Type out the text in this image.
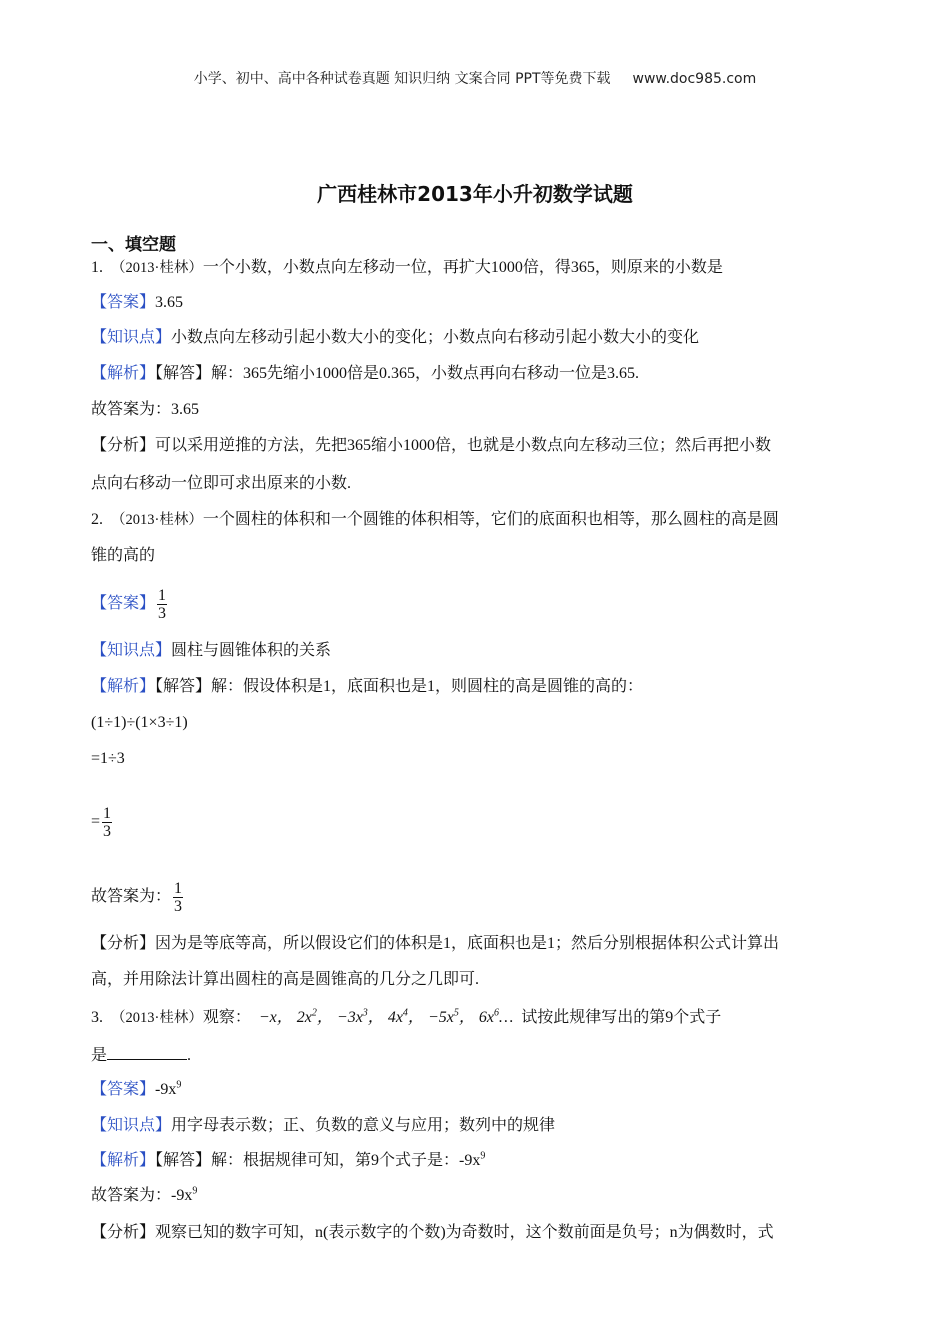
小学、初中、高中各种试卷真题 知识归纳 文案合同 PPT等免费下载 www.doc985.com
广西桂林市2013年小升初数学试题
一、填空题
1. （2013·桂林）一个小数，小数点向左移动一位，再扩大1000倍，得365，则原来的小数是
【答案】3.65
【知识点】小数点向左移动引起小数大小的变化；小数点向右移动引起小数大小的变化
【解析】【解答】解：365先缩小1000倍是0.365，小数点再向右移动一位是3.65.
故答案为：3.65
【分析】可以采用逆推的方法，先把365缩小1000倍，也就是小数点向左移动三位；然后再把小数
点向右移动一位即可求出原来的小数.
2. （2013·桂林）一个圆柱的体积和一个圆锥的体积相等，它们的底面积也相等，那么圆柱的高是圆
锥的高的
【答案】 $\frac{1}{3}$
【知识点】圆柱与圆锥体积的关系
【解析】【解答】解：假设体积是1，底面积也是1，则圆柱的高是圆锥的高的：
(1÷1)÷(1×3÷1)
=1÷3
= $\frac{1}{3}$
故答案为： $\frac{1}{3}$
【分析】因为是等底等高，所以假设它们的体积是1，底面积也是1；然后分别根据体积公式计算出
高，并用除法计算出圆柱的高是圆锥高的几分之几即可.
3. （2013·桂林）观察： −x， $2x^2$， $-3x^3$， $4x^4$， $-5x^5$， $6x^6\dots$ 试按此规律写出的第9个式子
是	.
【答案】$-9x^9$
【知识点】用字母表示数；正、负数的意义与应用；数列中的规律
【解析】【解答】解：根据规律可知，第9个式子是：$-9x^9$
故答案为：$-9x^9$
【分析】观察已知的数字可知，n(表示数字的个数)为奇数时，这个数前面是负号；n为偶数时，式
